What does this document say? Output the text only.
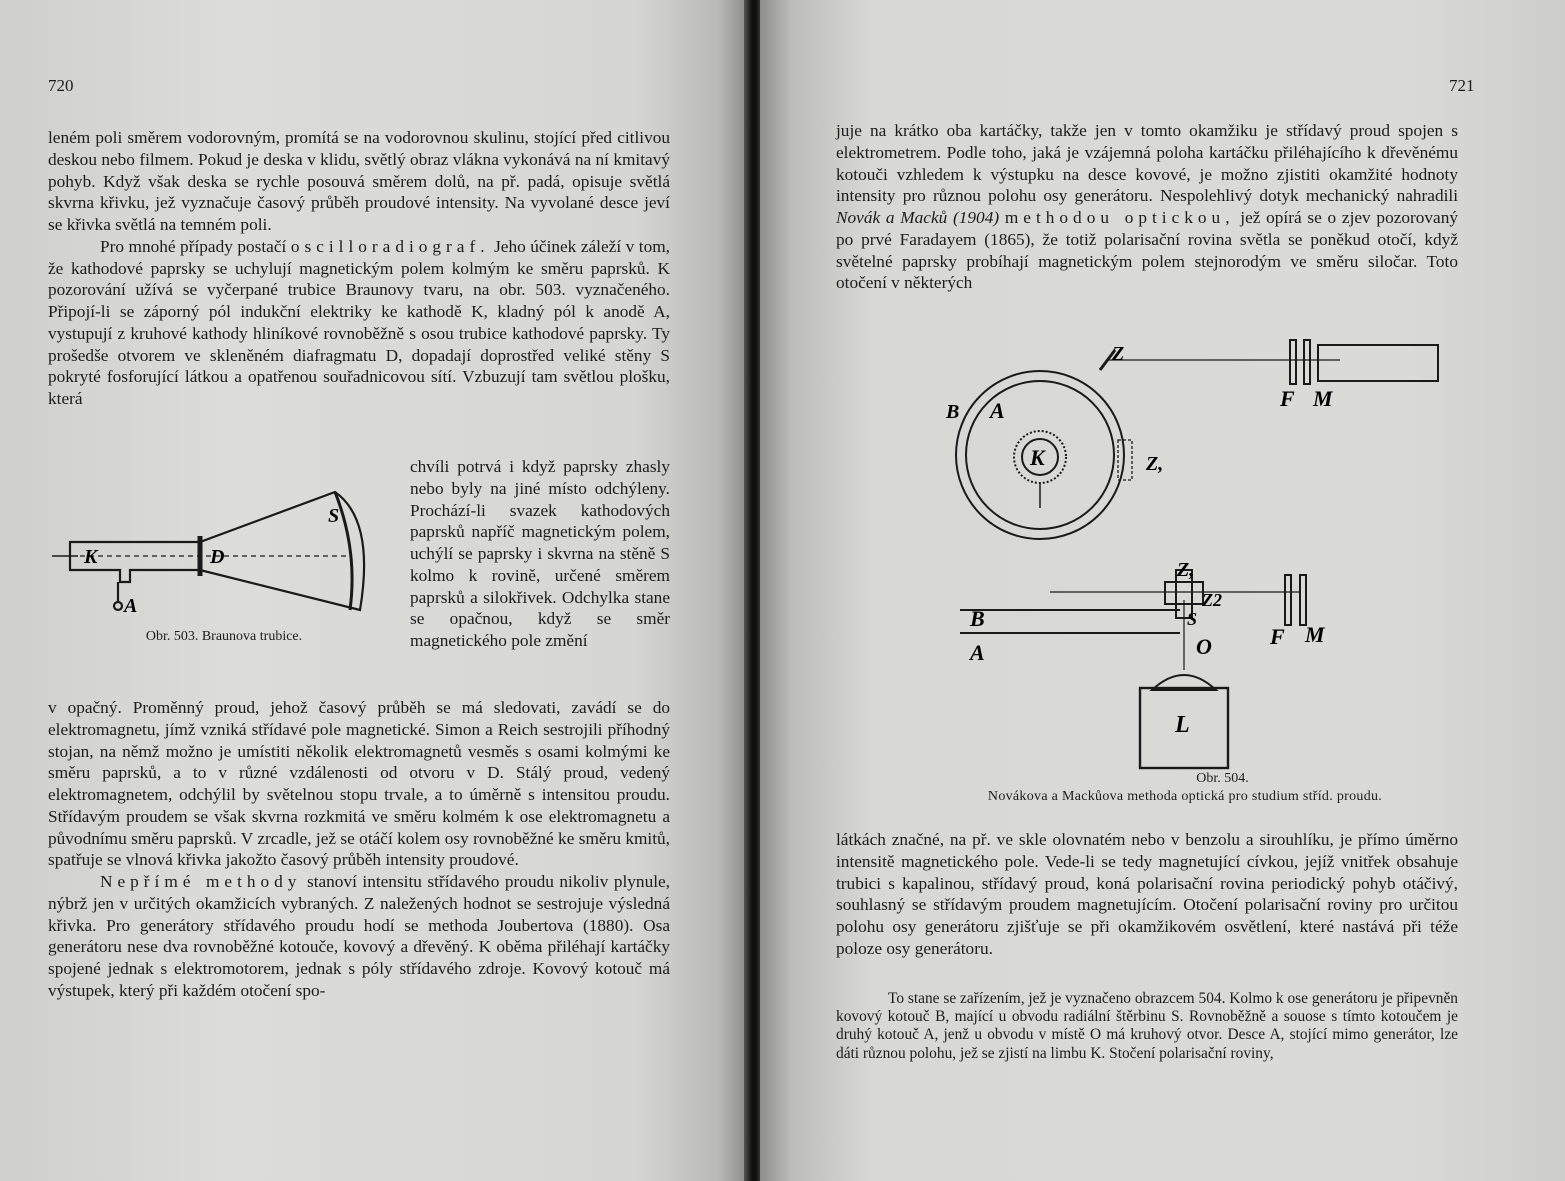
720

leném poli směrem vodorovným, promítá se na vodorovnou skulinu, stojící před citlivou deskou nebo filmem. Pokud je deska v klidu, světlý obraz vlákna vykonává na ní kmitavý pohyb. Když však deska se rychle posouvá směrem dolů, na př. padá, opisuje světlá skvrna křivku, jež vyznačuje časový průběh proudové intensity. Na vyvolané desce jeví se křivka světlá na temném poli.

Pro mnohé případy postačí oscilloradiograf. Jeho účinek záleží v tom, že kathodové paprsky se uchylují magnetickým polem kolmým ke směru paprsků. K pozorování užívá se vyčerpané trubice Braunovy tvaru, na obr. 503. vyznačeného. Připojí-li se záporný pól indukční elektriky ke kathodě K, kladný pól k anodě A, vystupují z kruhové kathody hliníkové rovnoběžně s osou trubice kathodové paprsky. Ty prošedše otvorem ve skleněném diafragmatu D, dopadají doprostřed veliké stěny S pokryté fosforující látkou a opatřenou souřadnicovou sítí. Vzbuzují tam světlou plošku, která

chvíli potrvá i když paprsky zhasly nebo byly na jiné místo odchýleny. Prochází-li svazek kathodových paprsků napříč magnetickým polem, uchýlí se paprsky i skvrna na stěně S kolmo k rovině, určené směrem paprsků a silokřivek. Odchylka stane se opačnou, když se směr magnetického pole změní
K	D
S
A
Obr. 503. Braunova trubice.

v opačný. Proměnný proud, jehož časový průběh se má sledovati, zavádí se do elektromagnetu, jímž vzniká střídavé pole magnetické. Simon a Reich sestrojili příhodný stojan, na němž možno je umístiti několik elektromagnetů vesměs s osami kolmými ke směru paprsků, a to v různé vzdálenosti od otvoru v D. Stálý proud, vedený elektromagnetem, odchýlil by světelnou stopu trvale, a to úměrně s intensitou proudu. Střídavým proudem se však skvrna rozkmitá ve směru kolmém k ose elektromagnetu a původnímu směru paprsků. V zrcadle, jež se otáčí kolem osy rovnoběžné ke směru kmitů, spatřuje se vlnová křivka jakožto časový průběh intensity proudové.

Nepřímé methody stanoví intensitu střídavého proudu nikoliv plynule, nýbrž jen v určitých okamžicích vybraných. Z naležených hodnot se sestrojuje výsledná křivka. Pro generátory střídavého proudu hodí se methoda Joubertova (1880). Osa generátoru nese dva rovnoběžné kotouče, kovový a dřevěný. K oběma přiléhají kartáčky spojené jednak s elektromotorem, jednak s póly střídavého zdroje. Kovový kotouč má výstupek, který při každém otočení spo-

721

juje na krátko oba kartáčky, takže jen v tomto okamžiku je střídavý proud spojen s elektrometrem. Podle toho, jaká je vzájemná poloha kartáčku přiléhajícího k dřevěnému kotouči vzhledem k výstupku na desce kovové, je možno zjistiti okamžité hodnoty intensity pro různou polohu osy generátoru. Nespolehlivý dotyk mechanický nahradili Novák a Macků (1904) methodou optickou, jež opírá se o zjev pozorovaný po prvé Faradayem (1865), že totiž polarisační rovina světla se poněkud otočí, když světelné paprsky probíhají magnetickým polem stejnorodým ve směru siločar. Toto otočení v některých

Z
B A
K	Z,
F M
Z,
Z2
B	S
A	O
L
F M
Obr. 504.
Novákova a Mackůova methoda optická pro studium stříd. proudu.

látkách značné, na př. ve skle olovnatém nebo v benzolu a sirouhlíku, je přímo úměrno intensitě magnetického pole. Vede-li se tedy magnetující cívkou, jejíž vnitřek obsahuje trubici s kapalinou, střídavý proud, koná polarisační rovina periodický pohyb otáčivý, souhlasný se střídavým proudem magnetujícím. Otočení polarisační roviny pro určitou polohu osy generátoru zjišťuje se při okamžikovém osvětlení, které nastává při téže poloze osy generátoru.

To stane se zařízením, jež je vyznačeno obrazcem 504. Kolmo k ose generátoru je připevněn kovový kotouč B, mající u obvodu radiální štěrbinu S. Rovnoběžně a souose s tímto kotoučem je druhý kotouč A, jenž u obvodu v místě O má kruhový otvor. Desce A, stojící mimo generátor, lze dáti různou polohu, jež se zjistí na limbu K. Stočení polarisační roviny,
